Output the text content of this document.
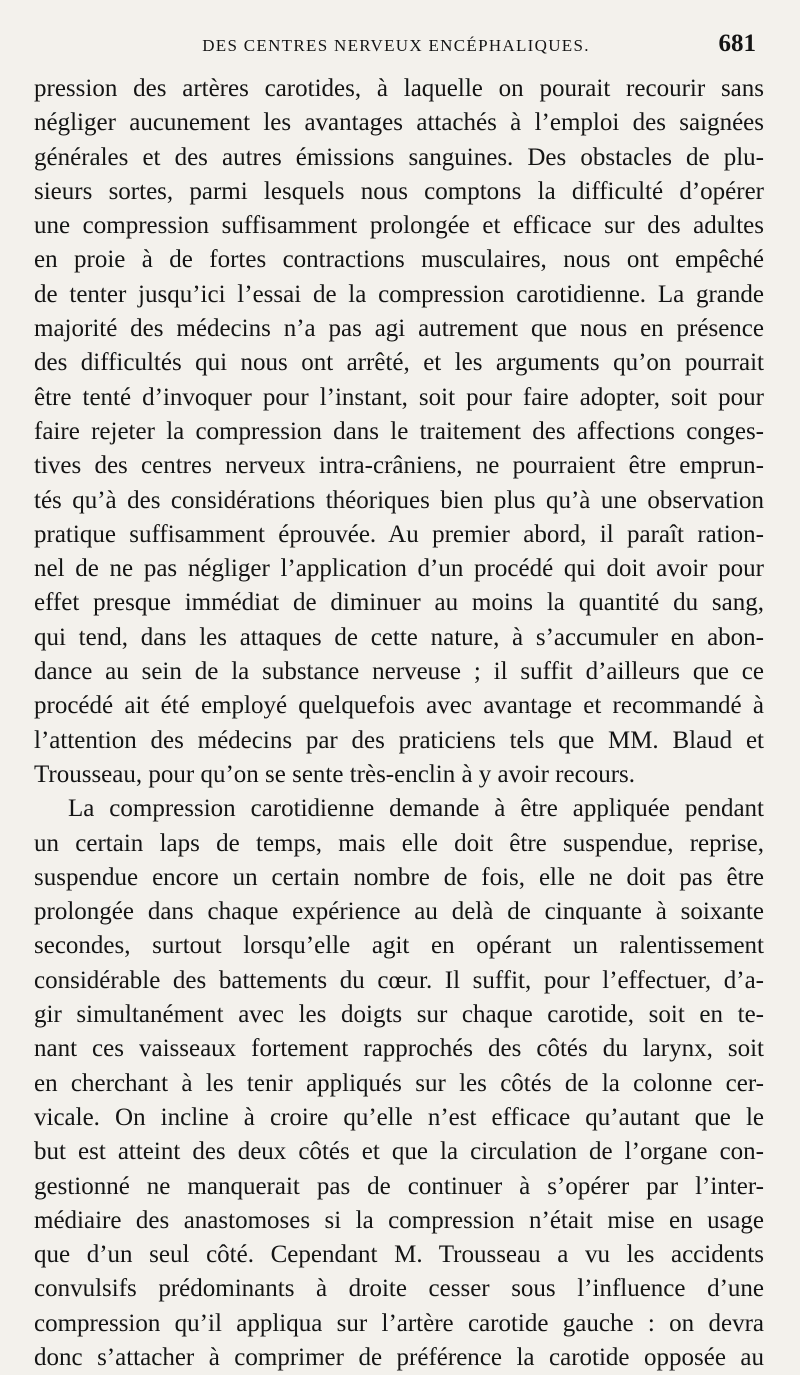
DES CENTRES NERVEUX ENCÉPHALIQUES.	681
pression des artères carotides, à laquelle on pourait recourir sans
négliger aucunement les avantages attachés à l’emploi des saignées
générales et des autres émissions sanguines. Des obstacles de plu-
sieurs sortes, parmi lesquels nous comptons la difficulté d’opérer
une compression suffisamment prolongée et efficace sur des adultes
en proie à de fortes contractions musculaires, nous ont empêché
de tenter jusqu’ici l’essai de la compression carotidienne. La grande
majorité des médecins n’a pas agi autrement que nous en présence
des difficultés qui nous ont arrêté, et les arguments qu’on pourrait
être tenté d’invoquer pour l’instant, soit pour faire adopter, soit pour
faire rejeter la compression dans le traitement des affections conges-
tives des centres nerveux intra-crâniens, ne pourraient être emprun-
tés qu’à des considérations théoriques bien plus qu’à une observation
pratique suffisamment éprouvée. Au premier abord, il paraît ration-
nel de ne pas négliger l’application d’un procédé qui doit avoir pour
effet presque immédiat de diminuer au moins la quantité du sang,
qui tend, dans les attaques de cette nature, à s’accumuler en abon-
dance au sein de la substance nerveuse ; il suffit d’ailleurs que ce
procédé ait été employé quelquefois avec avantage et recommandé à
l’attention des médecins par des praticiens tels que MM. Blaud et
Trousseau, pour qu’on se sente très-enclin à y avoir recours.
La compression carotidienne demande à être appliquée pendant
un certain laps de temps, mais elle doit être suspendue, reprise,
suspendue encore un certain nombre de fois, elle ne doit pas être
prolongée dans chaque expérience au delà de cinquante à soixante
secondes, surtout lorsqu’elle agit en opérant un ralentissement
considérable des battements du cœur. Il suffit, pour l’effectuer, d’a-
gir simultanément avec les doigts sur chaque carotide, soit en te-
nant ces vaisseaux fortement rapprochés des côtés du larynx, soit
en cherchant à les tenir appliqués sur les côtés de la colonne cer-
vicale. On incline à croire qu’elle n’est efficace qu’autant que le
but est atteint des deux côtés et que la circulation de l’organe con-
gestionné ne manquerait pas de continuer à s’opérer par l’inter-
médiaire des anastomoses si la compression n’était mise en usage
que d’un seul côté. Cependant M. Trousseau a vu les accidents
convulsifs prédominants à droite cesser sous l’influence d’une
compression qu’il appliqua sur l’artère carotide gauche : on devra
donc s’attacher à comprimer de préférence la carotide opposée au
